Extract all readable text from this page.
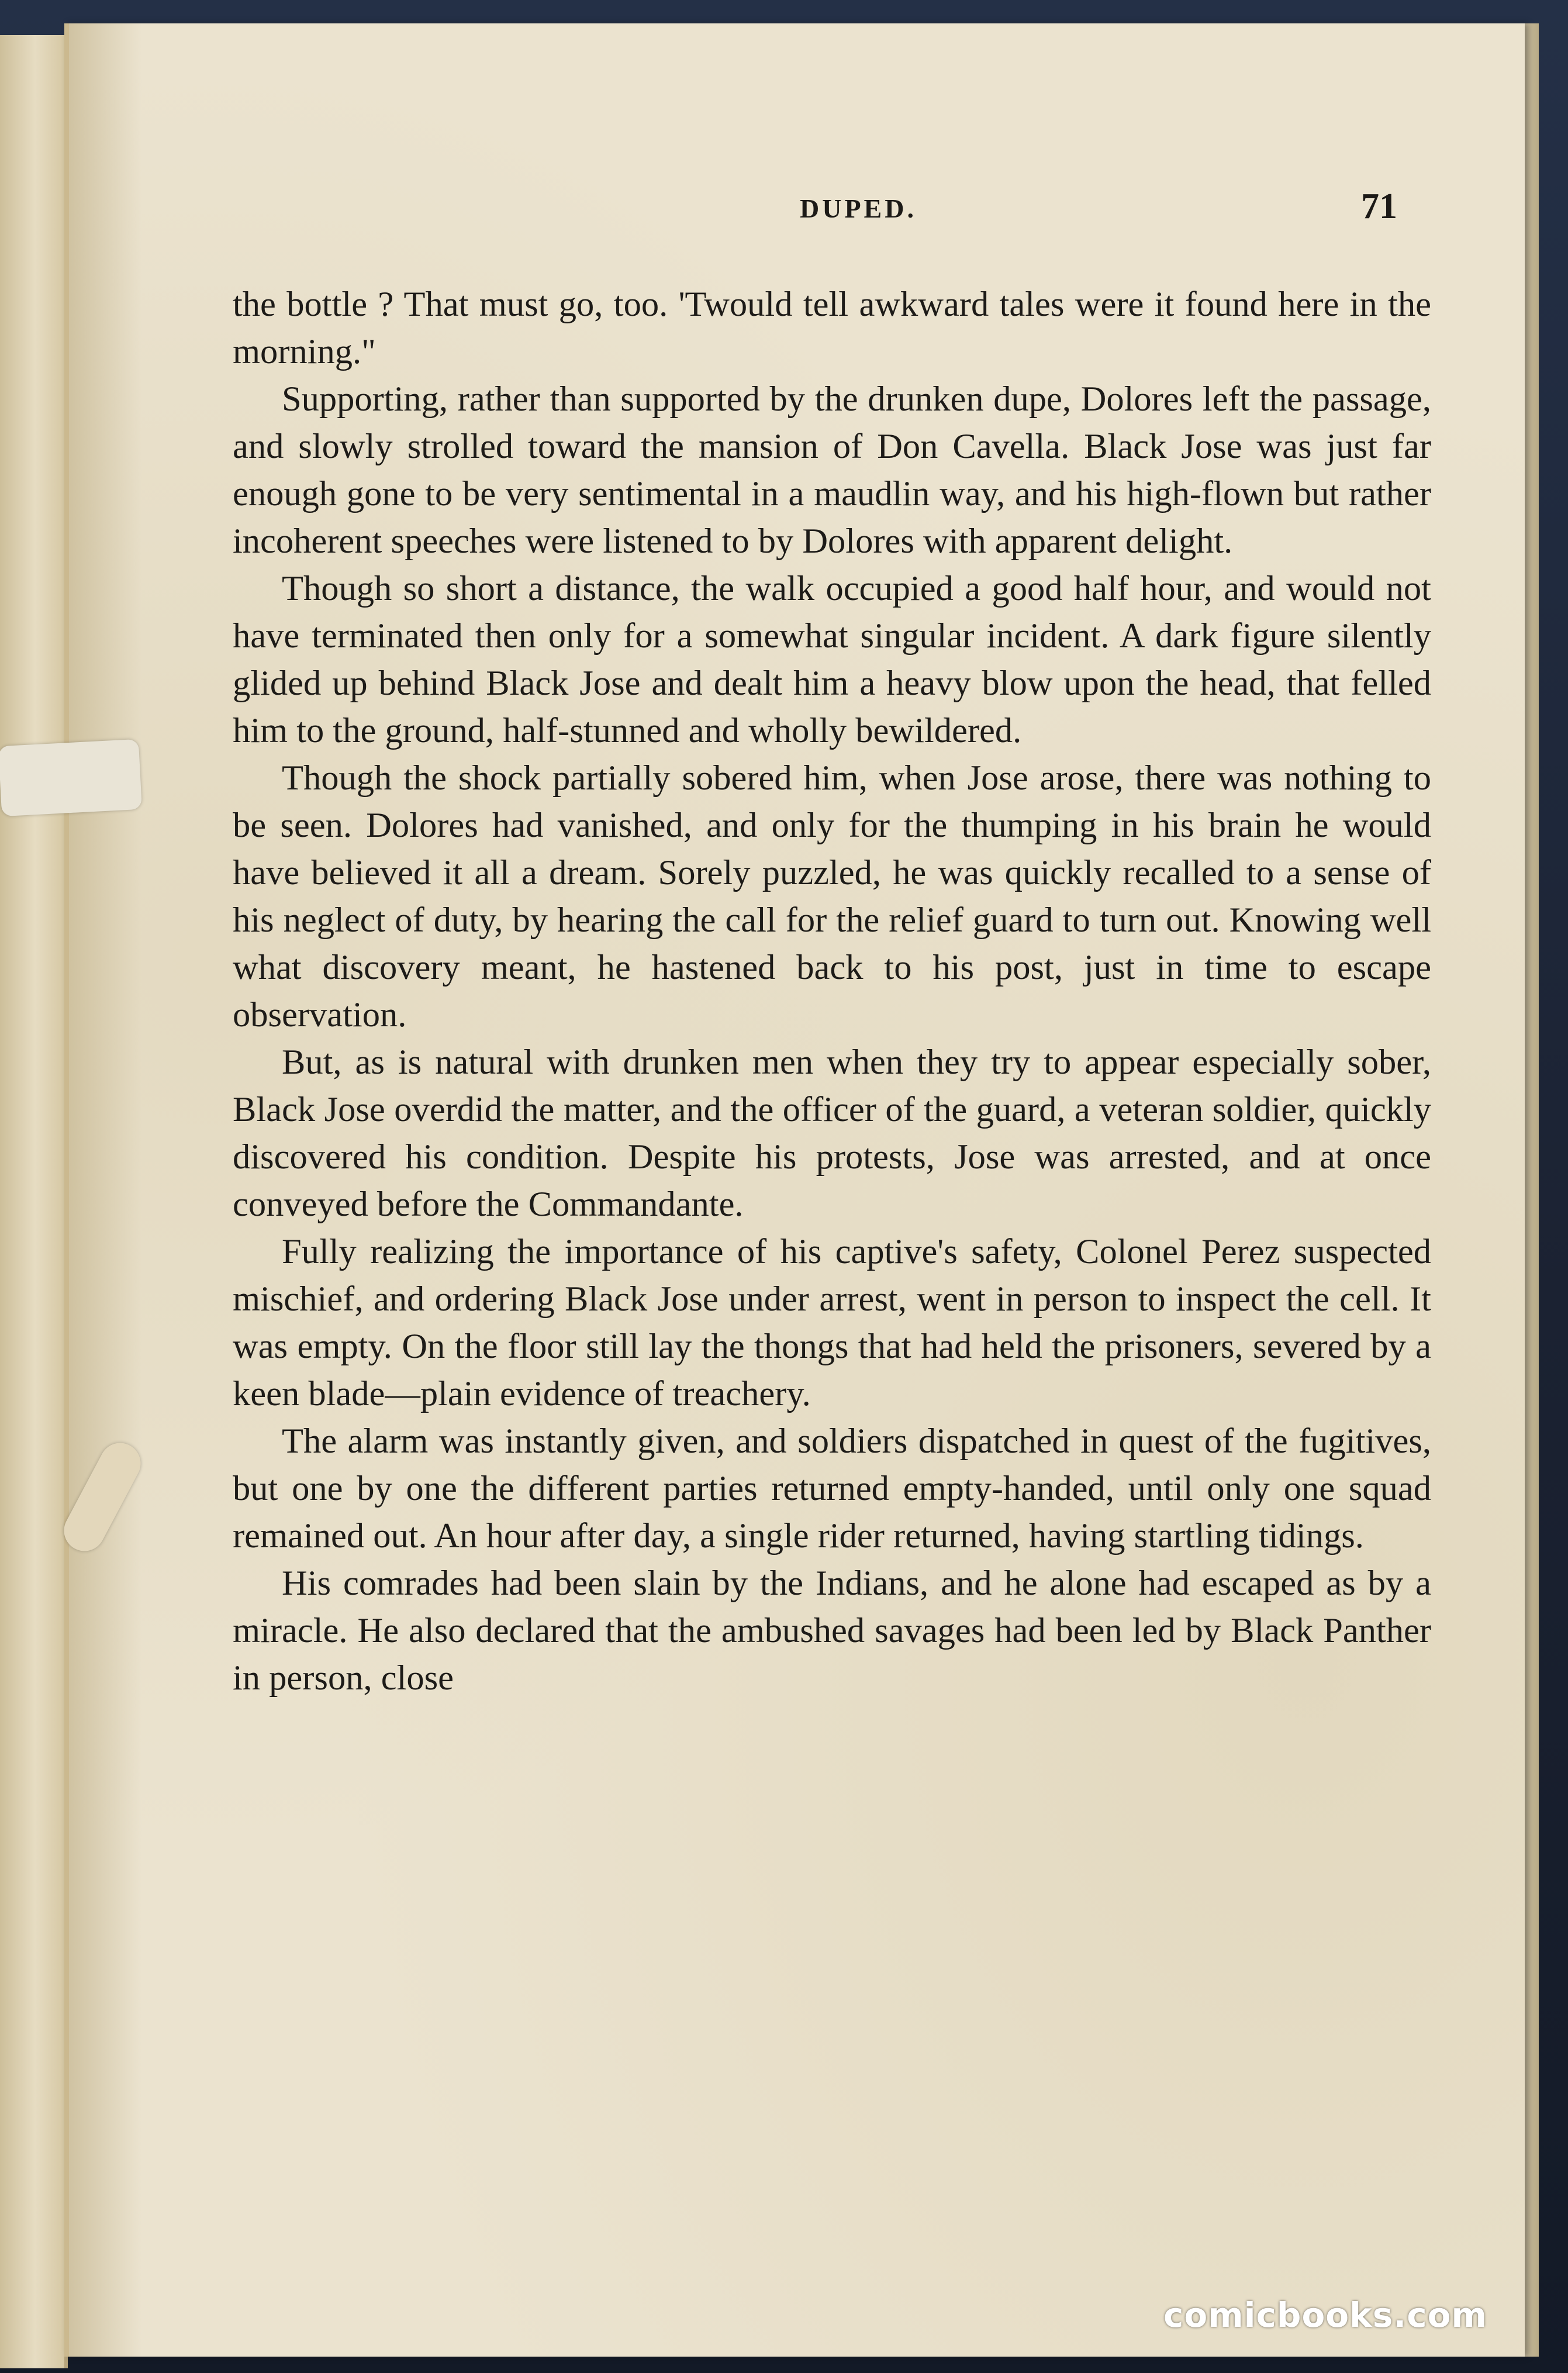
DUPED.	71

the bottle ? That must go, too. 'Twould tell awkward tales were it found here in the morning."

Supporting, rather than supported by the drunken dupe, Dolores left the passage, and slowly strolled toward the mansion of Don Cavella. Black Jose was just far enough gone to be very sentimental in a maudlin way, and his high-flown but rather incoherent speeches were listened to by Dolores with apparent delight.

Though so short a distance, the walk occupied a good half hour, and would not have terminated then only for a somewhat singular incident. A dark figure silently glided up behind Black Jose and dealt him a heavy blow upon the head, that felled him to the ground, half-stunned and wholly bewildered.

Though the shock partially sobered him, when Jose arose, there was nothing to be seen. Dolores had vanished, and only for the thumping in his brain he would have believed it all a dream. Sorely puzzled, he was quickly recalled to a sense of his neglect of duty, by hearing the call for the relief guard to turn out. Knowing well what discovery meant, he hastened back to his post, just in time to escape observation.

But, as is natural with drunken men when they try to appear especially sober, Black Jose overdid the matter, and the officer of the guard, a veteran soldier, quickly discovered his condition. Despite his protests, Jose was arrested, and at once conveyed before the Commandante.

Fully realizing the importance of his captive's safety, Colonel Perez suspected mischief, and ordering Black Jose under arrest, went in person to inspect the cell. It was empty. On the floor still lay the thongs that had held the prisoners, severed by a keen blade—plain evidence of treachery.

The alarm was instantly given, and soldiers dispatched in quest of the fugitives, but one by one the different parties returned empty-handed, until only one squad remained out. An hour after day, a single rider returned, having startling tidings.

His comrades had been slain by the Indians, and he alone had escaped as by a miracle. He also declared that the ambushed savages had been led by Black Panther in person, close

comicbooks.com
